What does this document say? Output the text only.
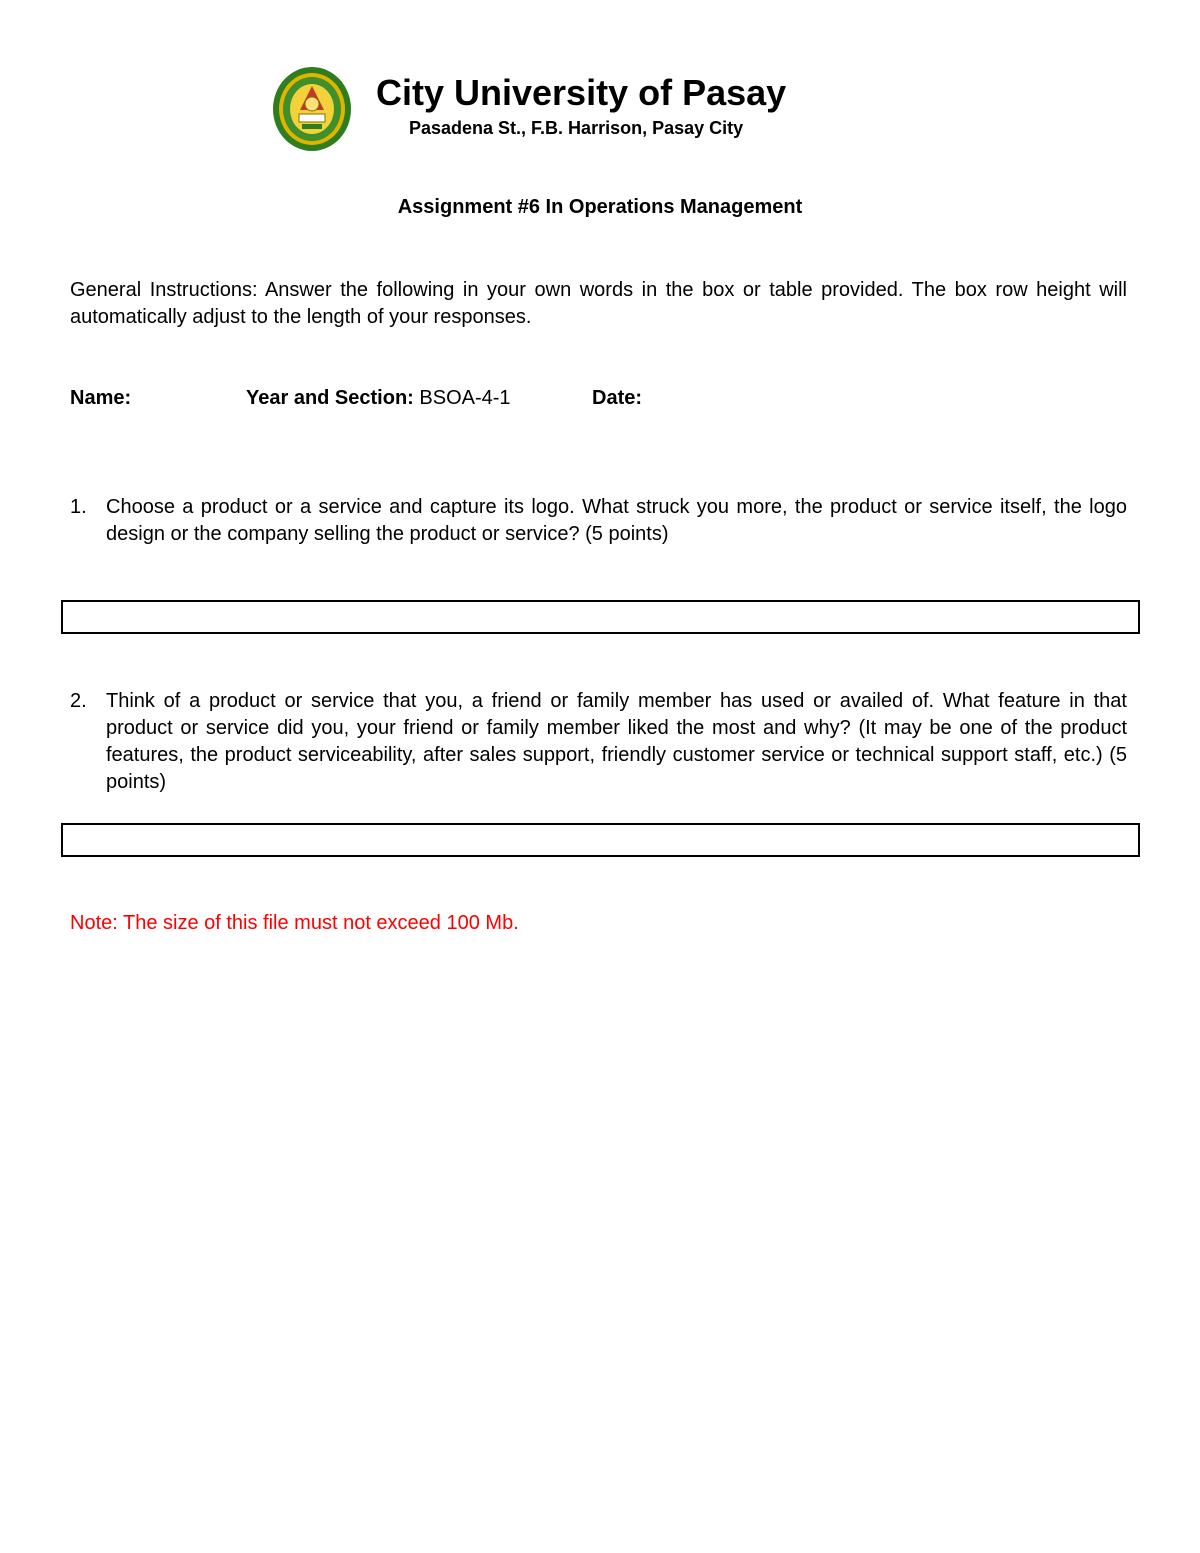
City University of Pasay
Pasadena St., F.B. Harrison, Pasay City
Assignment #6 In Operations Management
General Instructions: Answer the following in your own words in the box or table provided. The box row height will automatically adjust to the length of your responses.
Name:	Year and Section: BSOA-4-1	Date:
1. Choose a product or a service and capture its logo. What struck you more, the product or service itself, the logo design or the company selling the product or service? (5 points)
2. Think of a product or service that you, a friend or family member has used or availed of. What feature in that product or service did you, your friend or family member liked the most and why? (It may be one of the product features, the product serviceability, after sales support, friendly customer service or technical support staff, etc.) (5 points)
Note: The size of this file must not exceed 100 Mb.
